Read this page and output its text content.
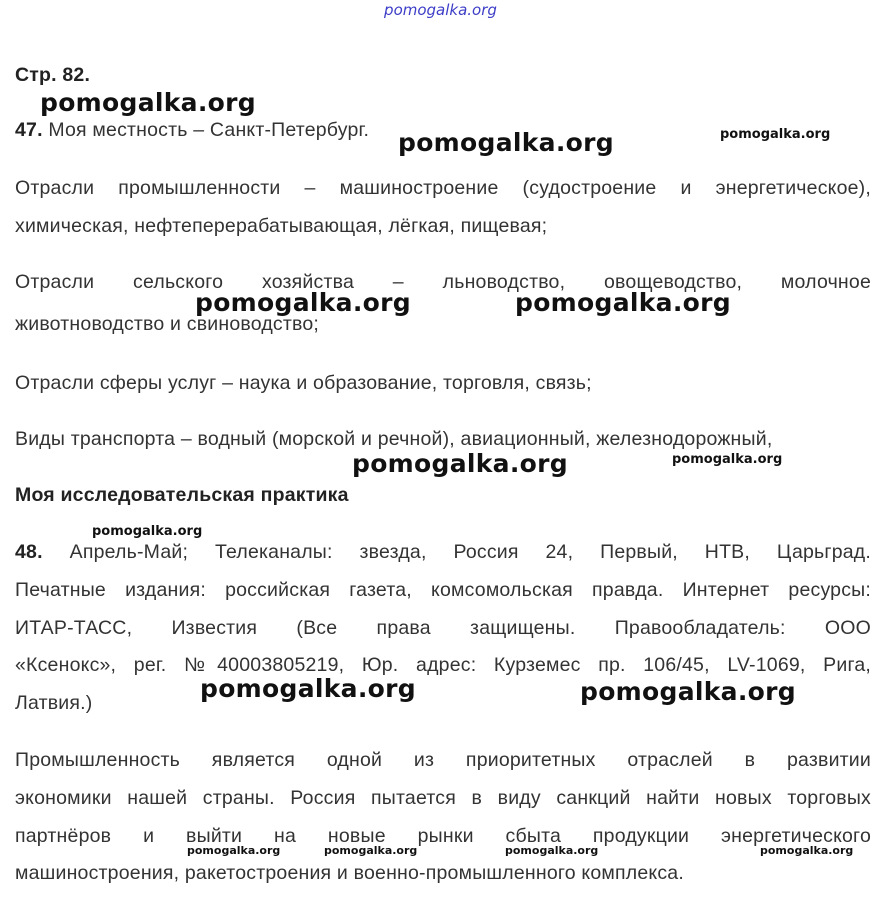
pomogalka.org
Стр. 82.
47. Моя местность – Санкт-Петербург.
Отрасли промышленности – машиностроение (судостроение и энергетическое),
химическая, нефтеперерабатывающая, лёгкая, пищевая;
Отрасли сельского хозяйства – льноводство, овощеводство, молочное
животноводство и свиноводство;
Отрасли сферы услуг – наука и образование, торговля, связь;
Виды транспорта – водный (морской и речной), авиационный, железнодорожный,
Моя исследовательская практика
48. Апрель-Май; Телеканалы: звезда, Россия 24, Первый, НТВ, Царьград.
Печатные издания: российская газета, комсомольская правда. Интернет ресурсы:
ИТАР-ТАСС, Известия (Все права защищены. Правообладатель: ООО
«Ксенокс», рег. №40003805219, Юр. адрес: Курземес пр. 106/45, LV-1069, Рига,
Латвия.)
Промышленность является одной из приоритетных отраслей в развитии
экономики нашей страны. Россия пытается в виду санкций найти новых торговых
партнёров и выйти на новые рынки сбыта продукции энергетического
машиностроения, ракетостроения и военно-промышленного комплекса.
pomogalka.org
pomogalka.org	pomogalka.org
pomogalka.org	pomogalka.org
pomogalka.org	pomogalka.org
pomogalka.org
pomogalka.org	pomogalka.org
pomogalka.org	pomogalka.org	pomogalka.org	pomogalka.org
